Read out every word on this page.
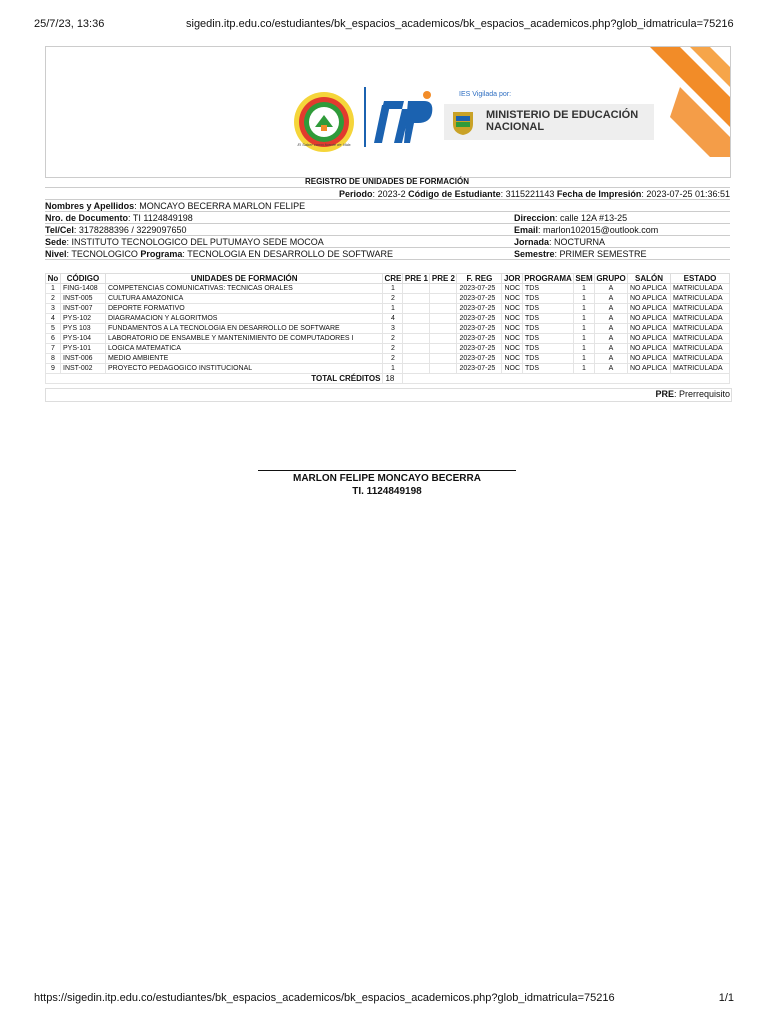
25/7/23, 13:36	sigedin.itp.edu.co/estudiantes/bk_espacios_academicos/bk_espacios_academicos.php?glob_idmatricula=75216
El Saber como fuente de Vida
IES Vigilada por:
MINISTERIO DE EDUCACIÓN NACIONAL
REGISTRO DE UNIDADES DE FORMACIÓN
Periodo: 2023-2 Código de Estudiante: 3115221143 Fecha de Impresión: 2023-07-25 01:36:51
Nombres y Apellidos: MONCAYO BECERRA MARLON FELIPE
Nro. de Documento: TI 1124849198
Tel/Cel: 3178288396 / 3229097650
Sede: INSTITUTO TECNOLOGICO DEL PUTUMAYO SEDE MOCOA
Nivel: TECNOLOGICO Programa: TECNOLOGIA EN DESARROLLO DE SOFTWARE
Direccion: calle 12A #13-25
Email: marlon102015@outlook.com
Jornada: NOCTURNA
Semestre: PRIMER SEMESTRE
No	CÓDIGO	UNIDADES DE FORMACIÓN	CRE	PRE 1	PRE 2	F. REG	JOR	PROGRAMA	SEM	GRUPO	SALÓN	ESTADO
1	FING-1408	COMPETENCIAS COMUNICATIVAS: TECNICAS ORALES	1			2023-07-25	NOC	TDS	1	A	NO APLICA	MATRICULADA
2	INST-005	CULTURA AMAZONICA	2			2023-07-25	NOC	TDS	1	A	NO APLICA	MATRICULADA
3	INST-007	DEPORTE FORMATIVO	1			2023-07-25	NOC	TDS	1	A	NO APLICA	MATRICULADA
4	PYS-102	DIAGRAMACION Y ALGORITMOS	4			2023-07-25	NOC	TDS	1	A	NO APLICA	MATRICULADA
5	PYS 103	FUNDAMENTOS A LA TECNOLOGIA EN DESARROLLO DE SOFTWARE	3			2023-07-25	NOC	TDS	1	A	NO APLICA	MATRICULADA
6	PYS-104	LABORATORIO DE ENSAMBLE Y MANTENIMIENTO DE COMPUTADORES I	2			2023-07-25	NOC	TDS	1	A	NO APLICA	MATRICULADA
7	PYS-101	LOGICA MATEMATICA	2			2023-07-25	NOC	TDS	1	A	NO APLICA	MATRICULADA
8	INST-006	MEDIO AMBIENTE	2			2023-07-25	NOC	TDS	1	A	NO APLICA	MATRICULADA
9	INST-002	PROYECTO PEDAGOGICO INSTITUCIONAL	1			2023-07-25	NOC	TDS	1	A	NO APLICA	MATRICULADA
TOTAL CRÉDITOS			18									
PRE: Prerrequisito
MARLON FELIPE MONCAYO BECERRA
TI. 1124849198
https://sigedin.itp.edu.co/estudiantes/bk_espacios_academicos/bk_espacios_academicos.php?glob_idmatricula=75216	1/1
